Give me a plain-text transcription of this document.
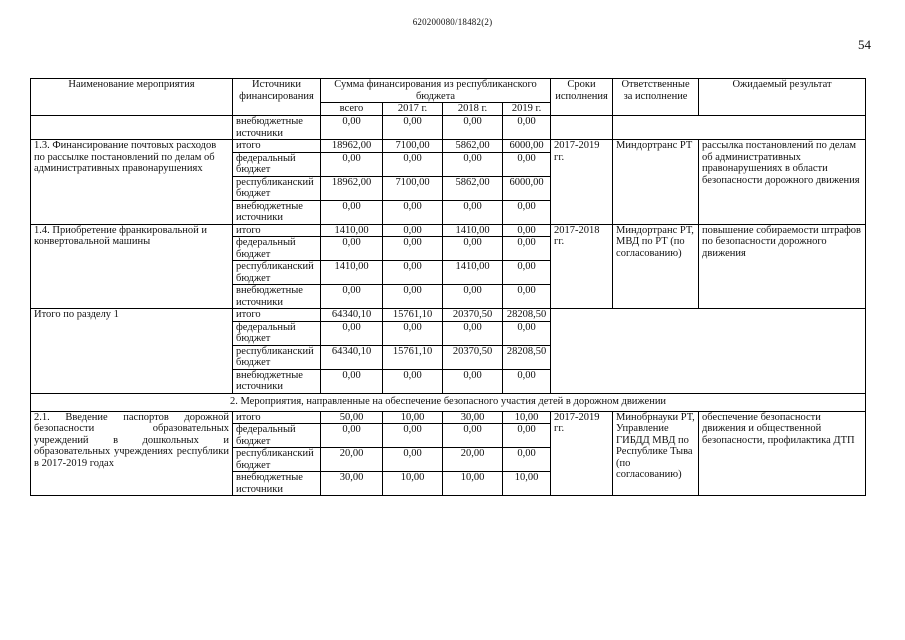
620200080/18482(2)
54
Наименование мероприятия	Источники финансирования	Сумма финансирования из республиканского бюджета				Сроки исполнения	Ответственные за исполнение	Ожидаемый результат
		всего	2017 г.	2018 г.	2019 г.			
	внебюджетные источники	0,00	0,00	0,00	0,00			
1.3. Финансирование почтовых расходов по рассылке постановлений по делам об административных правонарушениях	итого	18962,00	7100,00	5862,00	6000,00	2017-2019 гг.	Миндортранс РТ	рассылка постановлений по делам об административных правонарушениях в области безопасности дорожного движения
	федеральный бюджет	0,00	0,00	0,00	0,00			
	республиканский бюджет	18962,00	7100,00	5862,00	6000,00			
	внебюджетные источники	0,00	0,00	0,00	0,00			
1.4. Приобретение франкировальной и конвертовальной машины	итого	1410,00	0,00	1410,00	0,00	2017-2018 гг.	Миндортранс РТ, МВД по РТ (по согласованию)	повышение собираемости штрафов по безопасности дорожного движения
	федеральный бюджет	0,00	0,00	0,00	0,00			
	республиканский бюджет	1410,00	0,00	1410,00	0,00			
	внебюджетные источники	0,00	0,00	0,00	0,00			
Итого по разделу 1	итого	64340,10	15761,10	20370,50	28208,50			
	федеральный бюджет	0,00	0,00	0,00	0,00			
	республиканский бюджет	64340,10	15761,10	20370,50	28208,50			
	внебюджетные источники	0,00	0,00	0,00	0,00			
2. Мероприятия, направленные на обеспечение безопасного участия детей в дорожном движении								
2.1. Введение паспортов дорожной безопасности образовательных учреждений в дошкольных и образовательных учреждениях республики в 2017-2019 годах	итого	50,00	10,00	30,00	10,00	2017-2019 гг.	Минобрнауки РТ, Управление ГИБДД МВД по Республике Тыва (по согласованию)	обеспечение безопасности движения и общественной безопасности, профилактика ДТП
	федеральный бюджет	0,00	0,00	0,00	0,00			
	республиканский бюджет	20,00	0,00	20,00	0,00			
	внебюджетные источники	30,00	10,00	10,00	10,00			
